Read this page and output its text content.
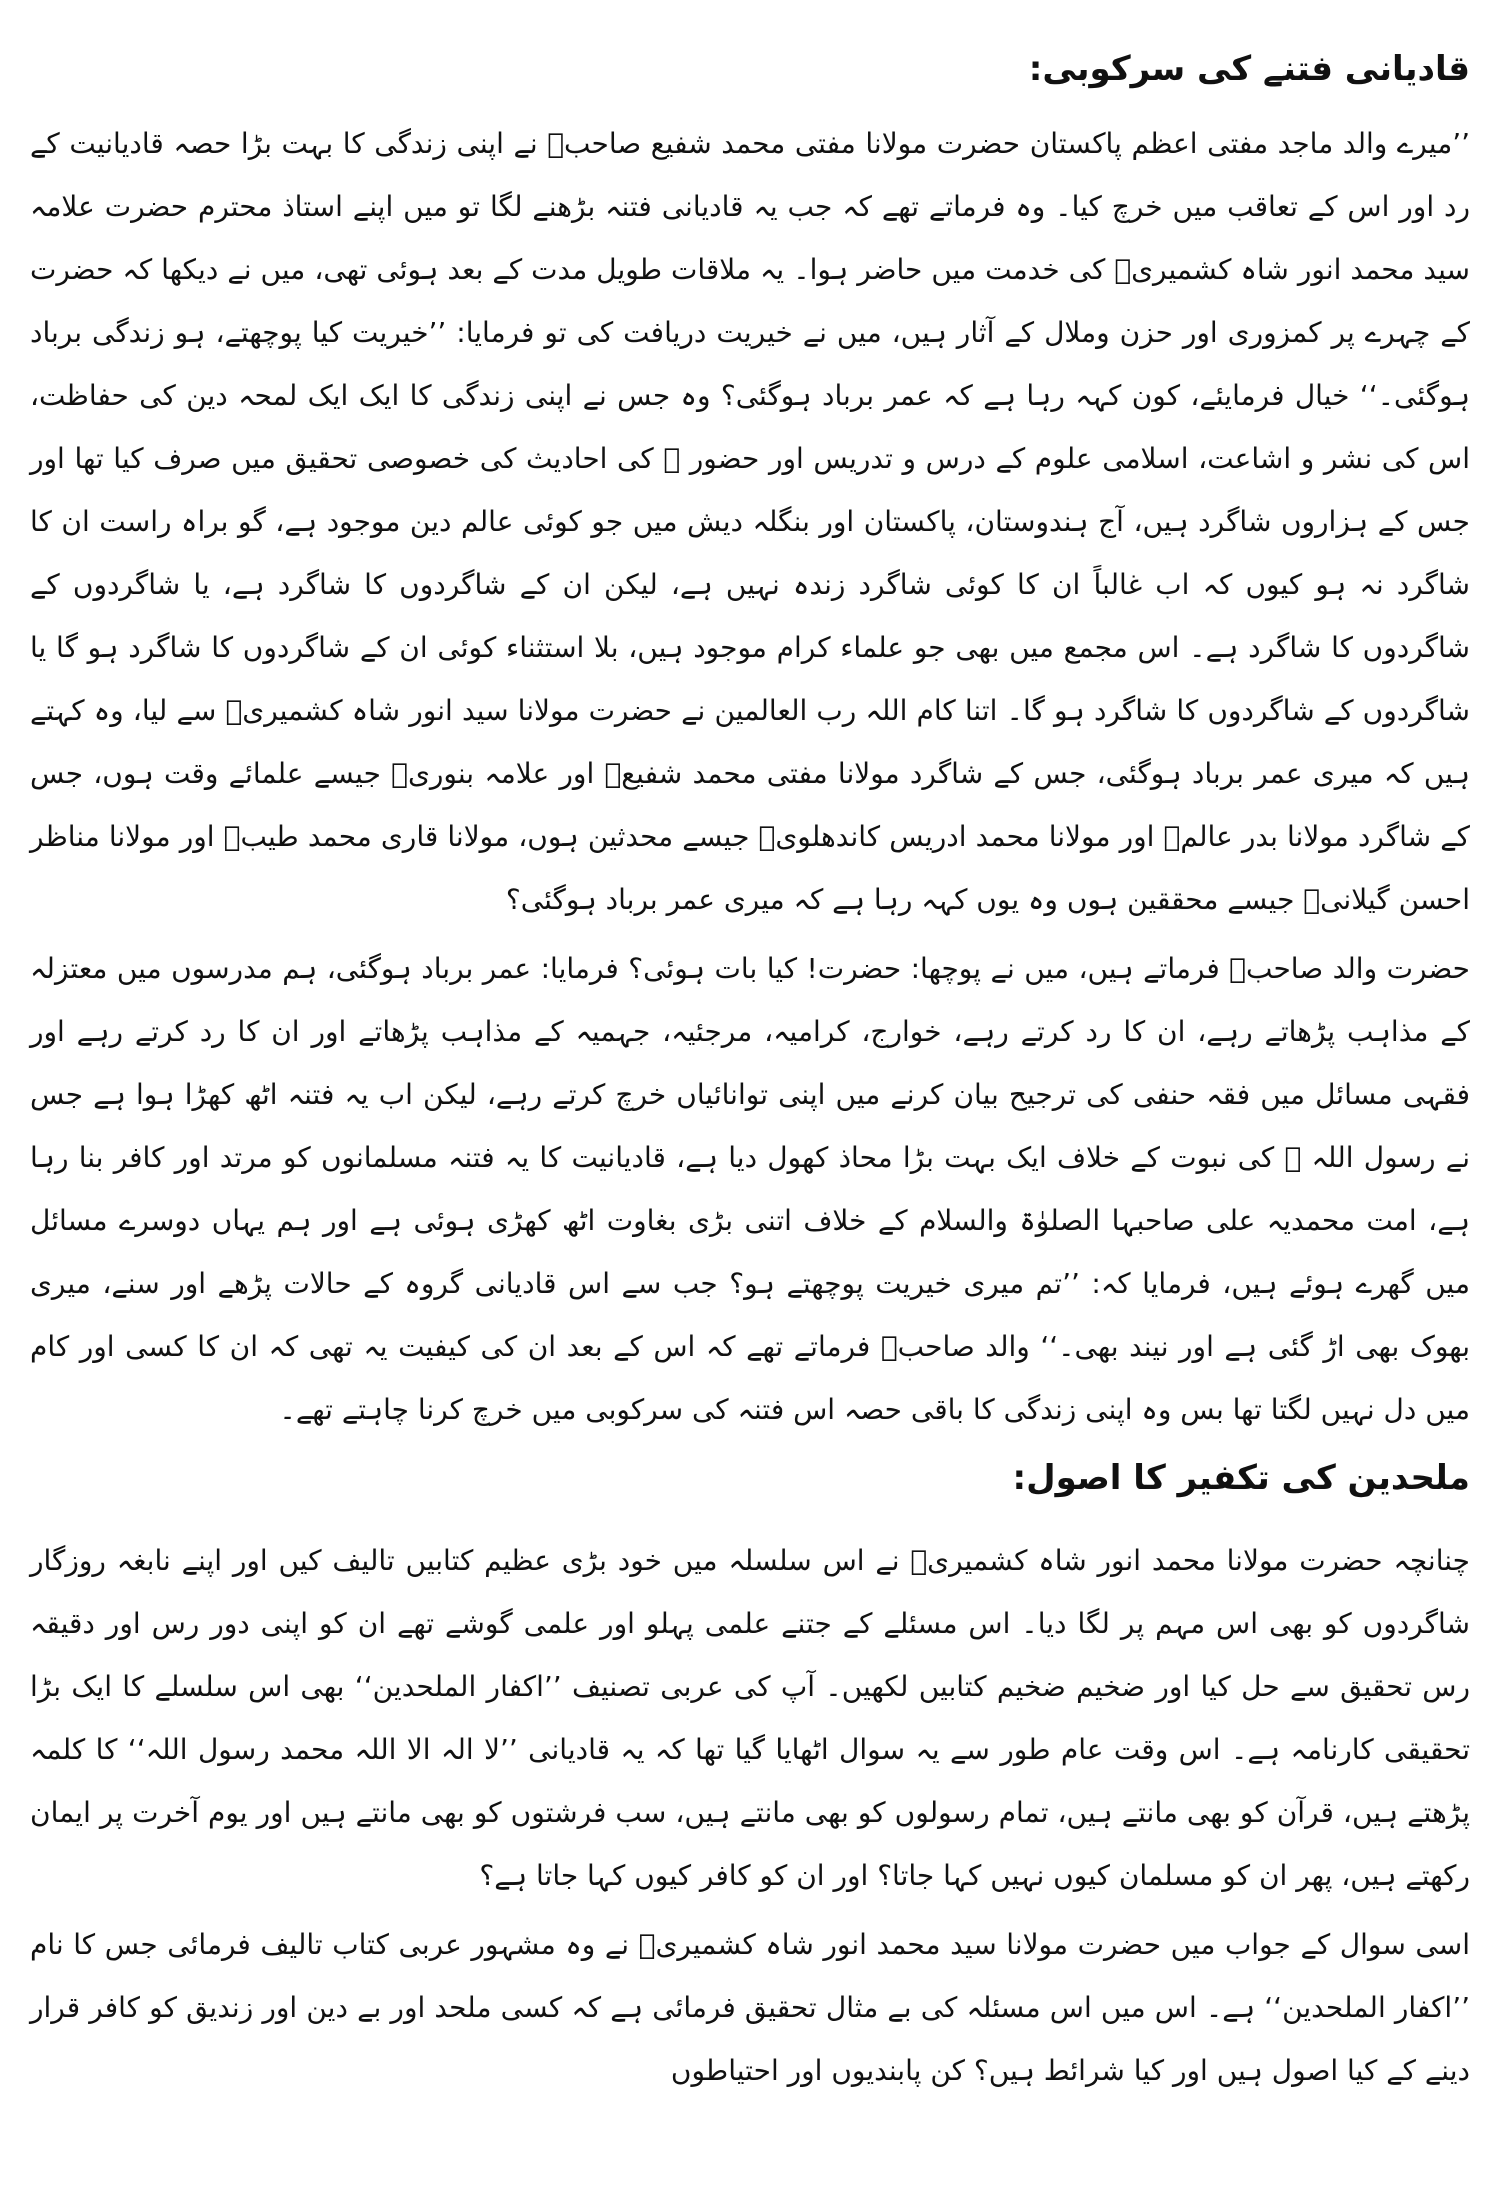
قادیانی فتنے کی سرکوبی:

’’میرے والد ماجد مفتی اعظم پاکستان حضرت مولانا مفتی محمد شفیع صاحبؒ نے اپنی زندگی کا بہت بڑا حصہ قادیانیت کے رد اور اس کے تعاقب میں خرچ کیا۔ وہ فرماتے تھے کہ جب یہ قادیانی فتنہ بڑھنے لگا تو میں اپنے استاذ محترم حضرت علامہ سید محمد انور شاہ کشمیریؒ کی خدمت میں حاضر ہوا۔ یہ ملاقات طویل مدت کے بعد ہوئی تھی، میں نے دیکھا کہ حضرت کے چہرے پر کمزوری اور حزن وملال کے آثار ہیں، میں نے خیریت دریافت کی تو فرمایا: ’’خیریت کیا پوچھتے، ہو زندگی برباد ہوگئی۔‘‘ خیال فرمایئے، کون کہہ رہا ہے کہ عمر برباد ہوگئی؟ وہ جس نے اپنی زندگی کا ایک ایک لمحہ دین کی حفاظت، اس کی نشر و اشاعت، اسلامی علوم کے درس و تدریس اور حضور ﷺ کی احادیث کی خصوصی تحقیق میں صرف کیا تھا اور جس کے ہزاروں شاگرد ہیں، آج ہندوستان، پاکستان اور بنگلہ دیش میں جو کوئی عالم دین موجود ہے، گو براہ راست ان کا شاگرد نہ ہو کیوں کہ اب غالباً ان کا کوئی شاگرد زندہ نہیں ہے، لیکن ان کے شاگردوں کا شاگرد ہے، یا شاگردوں کے شاگردوں کا شاگرد ہے۔ اس مجمع میں بھی جو علماء کرام موجود ہیں، بلا استثناء کوئی ان کے شاگردوں کا شاگرد ہو گا یا شاگردوں کے شاگردوں کا شاگرد ہو گا۔ اتنا کام اللہ رب العالمین نے حضرت مولانا سید انور شاہ کشمیریؒ سے لیا، وہ کہتے ہیں کہ میری عمر برباد ہوگئی، جس کے شاگرد مولانا مفتی محمد شفیعؒ اور علامہ بنوریؒ جیسے علمائے وقت ہوں، جس کے شاگرد مولانا بدر عالمؒ اور مولانا محمد ادریس کاندھلویؒ جیسے محدثین ہوں، مولانا قاری محمد طیبؒ اور مولانا مناظر احسن گیلانیؒ جیسے محققین ہوں وہ یوں کہہ رہا ہے کہ میری عمر برباد ہوگئی؟

حضرت والد صاحبؒ فرماتے ہیں، میں نے پوچھا: حضرت! کیا بات ہوئی؟ فرمایا: عمر برباد ہوگئی، ہم مدرسوں میں معتزلہ کے مذاہب پڑھاتے رہے، ان کا رد کرتے رہے، خوارج، کرامیہ، مرجئیہ، جہمیہ کے مذاہب پڑھاتے اور ان کا رد کرتے رہے اور فقہی مسائل میں فقہ حنفی کی ترجیح بیان کرنے میں اپنی توانائیاں خرچ کرتے رہے، لیکن اب یہ فتنہ اٹھ کھڑا ہوا ہے جس نے رسول اللہ ﷺ کی نبوت کے خلاف ایک بہت بڑا محاذ کھول دیا ہے، قادیانیت کا یہ فتنہ مسلمانوں کو مرتد اور کافر بنا رہا ہے، امت محمدیہ علی صاحبہا الصلوٰۃ والسلام کے خلاف اتنی بڑی بغاوت اٹھ کھڑی ہوئی ہے اور ہم یہاں دوسرے مسائل میں گھرے ہوئے ہیں، فرمایا کہ: ’’تم میری خیریت پوچھتے ہو؟ جب سے اس قادیانی گروہ کے حالات پڑھے اور سنے، میری بھوک بھی اڑ گئی ہے اور نیند بھی۔‘‘ والد صاحبؒ فرماتے تھے کہ اس کے بعد ان کی کیفیت یہ تھی کہ ان کا کسی اور کام میں دل نہیں لگتا تھا بس وہ اپنی زندگی کا باقی حصہ اس فتنہ کی سرکوبی میں خرچ کرنا چاہتے تھے۔

ملحدین کی تکفیر کا اصول:

چنانچہ حضرت مولانا محمد انور شاہ کشمیریؒ نے اس سلسلہ میں خود بڑی عظیم کتابیں تالیف کیں اور اپنے نابغہ روزگار شاگردوں کو بھی اس مہم پر لگا دیا۔ اس مسئلے کے جتنے علمی پہلو اور علمی گوشے تھے ان کو اپنی دور رس اور دقیقہ رس تحقیق سے حل کیا اور ضخیم ضخیم کتابیں لکھیں۔ آپ کی عربی تصنیف ’’اکفار الملحدین‘‘ بھی اس سلسلے کا ایک بڑا تحقیقی کارنامہ ہے۔ اس وقت عام طور سے یہ سوال اٹھایا گیا تھا کہ یہ قادیانی ’’لا الہ الا اللہ محمد رسول اللہ‘‘ کا کلمہ پڑھتے ہیں، قرآن کو بھی مانتے ہیں، تمام رسولوں کو بھی مانتے ہیں، سب فرشتوں کو بھی مانتے ہیں اور یوم آخرت پر ایمان رکھتے ہیں، پھر ان کو مسلمان کیوں نہیں کہا جاتا؟ اور ان کو کافر کیوں کہا جاتا ہے؟

اسی سوال کے جواب میں حضرت مولانا سید محمد انور شاہ کشمیریؒ نے وہ مشہور عربی کتاب تالیف فرمائی جس کا نام ’’اکفار الملحدین‘‘ ہے۔ اس میں اس مسئلہ کی بے مثال تحقیق فرمائی ہے کہ کسی ملحد اور بے دین اور زندیق کو کافر قرار دینے کے کیا اصول ہیں اور کیا شرائط ہیں؟ کن پابندیوں اور احتیاطوں
